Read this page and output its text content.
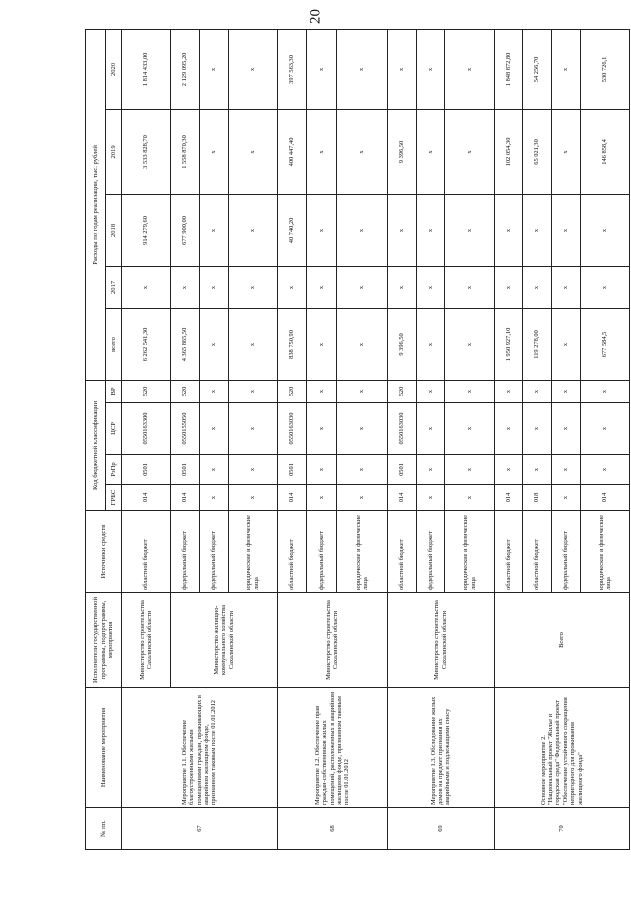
20
№ пп.	Наименование мероприятия	Исполнители государственной программы, подпрограммы, мероприятия	Источники средств	Код бюджетной классификации				Расходы по годам реализации, тыс. рублей				
				ГРБС	РзПр	ЦСР	ВР	всего	2017	2018	2019	2020
67	Мероприятие 1.1. Обеспечение благоустроенными жилыми помещениями граждан, проживающих в аварийном жилищном фонде, признанном таковым после 01.01.2012	Министерство строительства Сахалинской области	областной бюджет	014	0501	0550163300	520	6 262 541,30	х	914 279,60	3 533 828,70	1 814 433,00
		Министерство жилищно-коммунального хозяйства Сахалинской области	федеральный бюджет	014	0501	0550155050	520	4 365 865,50	х	677 900,00	1 558 870,30	2 129 095,20
			федеральный бюджет	х	х	х	х	х	х	х	х	х
			юридические и физические лица	х	х	х	х	х	х	х	х	х
68	Мероприятие 1.2. Обеспечение прав граждан-собственников жилых помещений, расположенных в аварийном жилищном фонде, признанном таковым после 01.01.2012	Министерство строительства Сахалинской области	областной бюджет	014	0501	0550163030	520	838 750,90	х	40 740,20	400 447,40	397 563,30
			федеральный бюджет	х	х	х	х	х	х	х	х	х
			юридические и физические лица	х	х	х	х	х	х	х	х	х
69	Мероприятие 1.3. Обследование жилых домов на предмет признания их аварийными и подлежащими сносу	Министерство строительства Сахалинской области	областной бюджет	014	0501	0550163030	520	9 396,50	х	х	9 396,50	х
			федеральный бюджет	х	х	х	х	х	х	х	х	х
			юридические и физические лица	х	х	х	х	х	х	х	х	х
70	Основное мероприятие 2. "Национальный проект "Жилье и городская среда" Федеральный проект "Обеспечение устойчивого сокращения непригодного для проживания жилищного фонда"	Всего	областной бюджет	014	х	х	х	1 950 927,10	х	х	102 054,30	1 848 872,80
			областной бюджет	018	х	х	х	119 278,00	х	х	65 021,30	54 256,70
			федеральный бюджет	х	х	х	х	х	х	х	х	х
			юридические и физические лица	014	х	х	х	677 584,5	х	х	146 858,4	530 726,1
